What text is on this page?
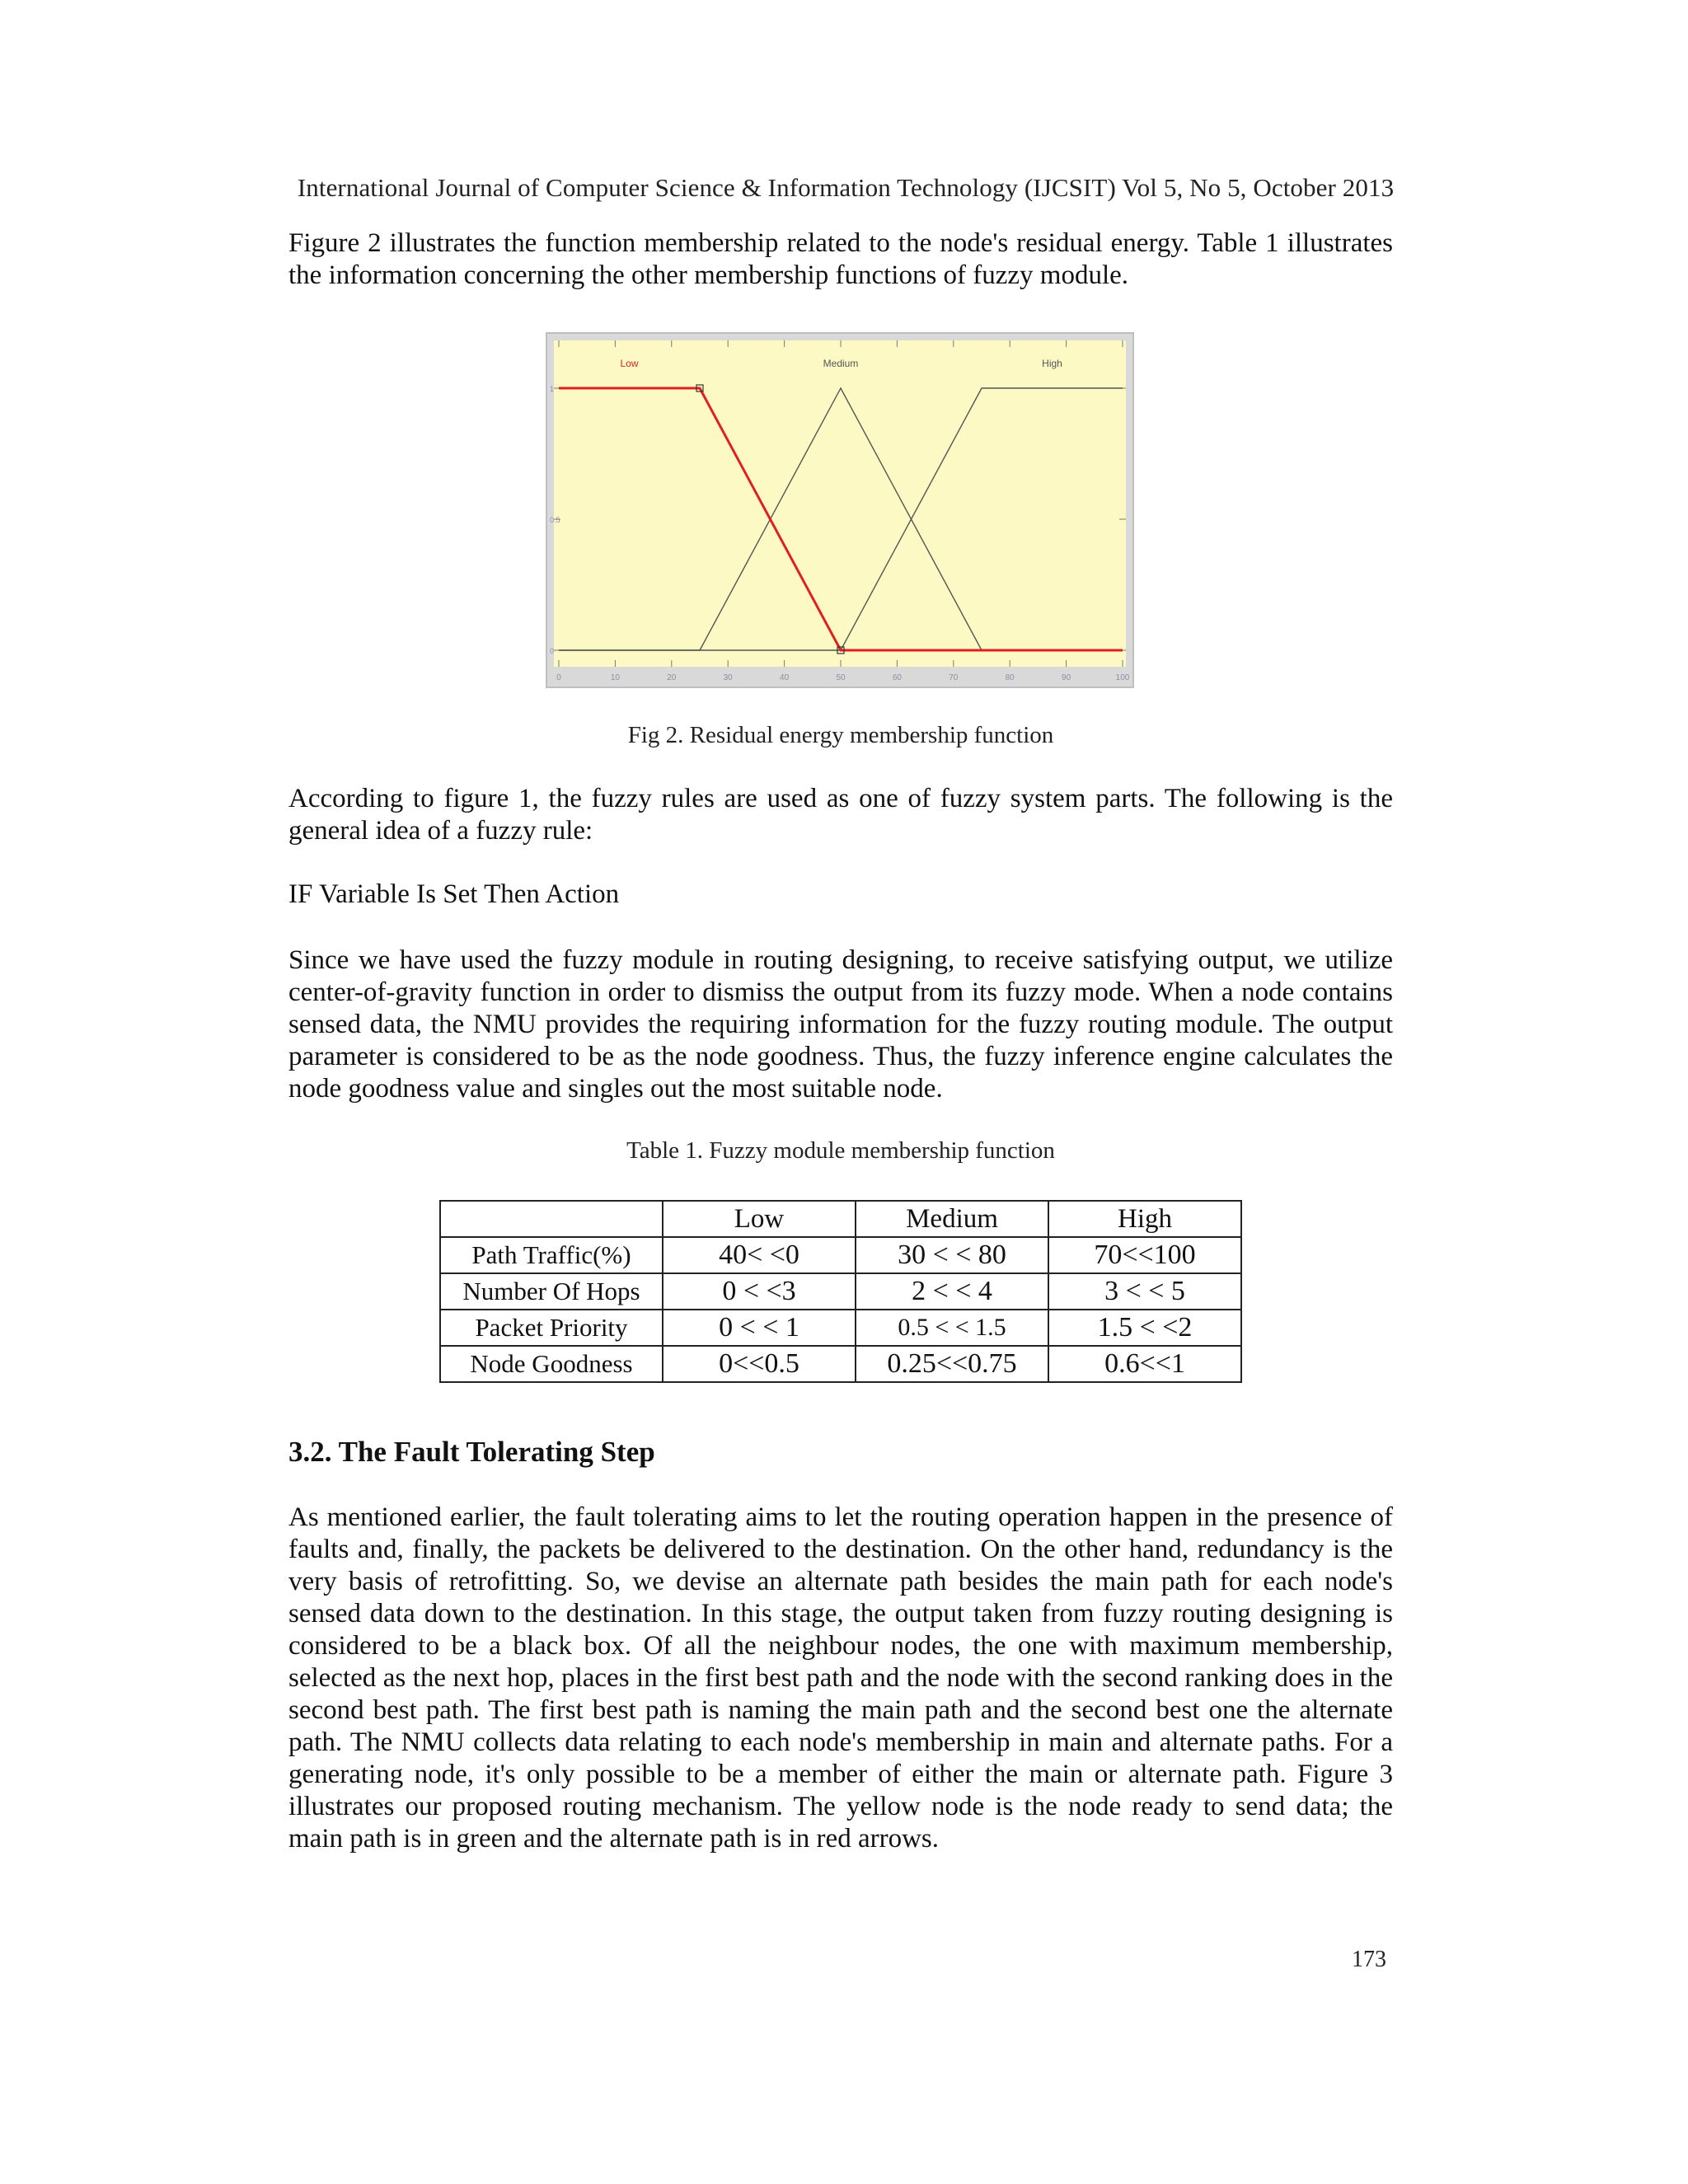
International Journal of Computer Science & Information Technology (IJCSIT) Vol 5, No 5, October 2013

Figure 2 illustrates the function membership related to the node's residual energy. Table 1 illustrates the information concerning the other membership functions of fuzzy module.

0	10	20	30	40	50	60	70	80	90	100
0
0.5
1
Low	Medium	High
Fig 2. Residual energy membership function

According to figure 1, the fuzzy rules are used as one of fuzzy system parts. The following is the general idea of a fuzzy rule:

IF Variable Is Set Then Action

Since we have used the fuzzy module in routing designing, to receive satisfying output, we utilize center-of-gravity function in order to dismiss the output from its fuzzy mode. When a node contains sensed data, the NMU provides the requiring information for the fuzzy routing module. The output parameter is considered to be as the node goodness. Thus, the fuzzy inference engine calculates the node goodness value and singles out the most suitable node.

Table 1. Fuzzy module membership function
	Low	Medium	High
Path Traffic(%)	40< <0	30 < < 80	70<<100
Number Of Hops	0 < <3	2 < < 4	3 < < 5
Packet Priority	0 < < 1	0.5 < < 1.5	1.5 < <2
Node Goodness	0<<0.5	0.25<<0.75	0.6<<1
3.2. The Fault Tolerating Step

As mentioned earlier, the fault tolerating aims to let the routing operation happen in the presence of faults and, finally, the packets be delivered to the destination. On the other hand, redundancy is the very basis of retrofitting. So, we devise an alternate path besides the main path for each node's sensed data down to the destination. In this stage, the output taken from fuzzy routing designing is considered to be a black box. Of all the neighbour nodes, the one with maximum membership, selected as the next hop, places in the first best path and the node with the second ranking does in the second best path. The first best path is naming the main path and the second best one the alternate path. The NMU collects data relating to each node's membership in main and alternate paths. For a generating node, it's only possible to be a member of either the main or alternate path. Figure 3 illustrates our proposed routing mechanism. The yellow node is the node ready to send data; the main path is in green and the alternate path is in red arrows.

173
